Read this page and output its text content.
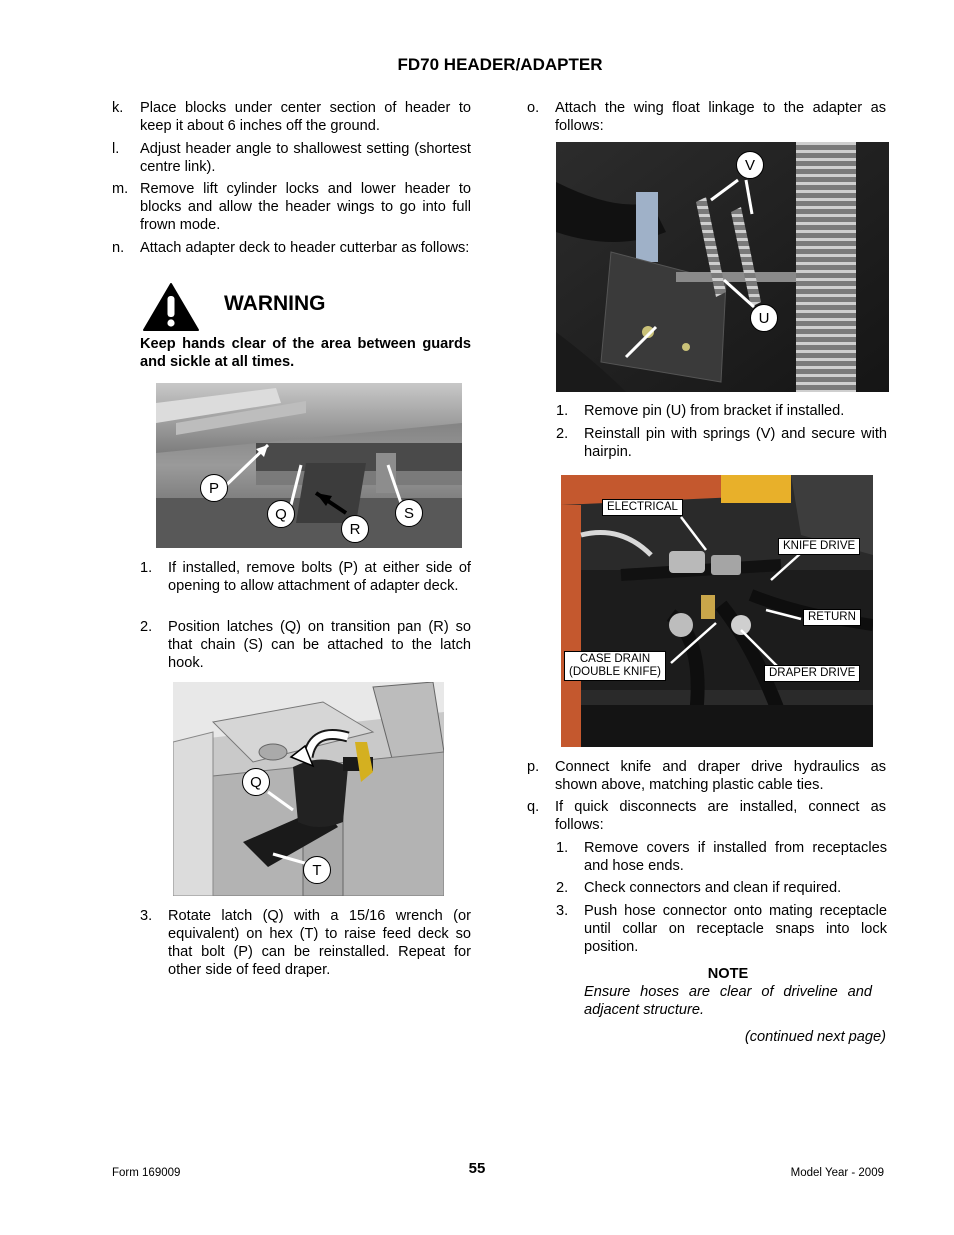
FD70 HEADER/ADAPTER
k. Place blocks under center section of header to keep it about 6 inches off the ground.
l. Adjust header angle to shallowest setting (shortest centre link).
m. Remove lift cylinder locks and lower header to blocks and allow the header wings to go into full frown mode.
n. Attach adapter deck to header cutterbar as follows:
WARNING
Keep hands clear of the area between guards and sickle at all times.
P
Q
R
S
1. If installed, remove bolts (P) at either side of opening to allow attachment of adapter deck.
2. Position latches (Q) on transition pan (R) so that chain (S) can be attached to the latch hook.
Q
T
3. Rotate latch (Q) with a 15/16 wrench (or equivalent) on hex (T) to raise feed deck so that bolt (P) can be reinstalled. Repeat for other side of feed draper.
o. Attach the wing float linkage to the adapter as follows:
V
U
1. Remove pin (U) from bracket if installed.
2. Reinstall pin with springs (V) and secure with hairpin.
ELECTRICAL
KNIFE DRIVE
RETURN
CASE DRAIN
(DOUBLE KNIFE)	DRAPER DRIVE
p. Connect knife and draper drive hydraulics as shown above, matching plastic cable ties.
q. If quick disconnects are installed, connect as follows:
1. Remove covers if installed from receptacles and hose ends.
2. Check connectors and clean if required.
3. Push hose connector onto mating receptacle until collar on receptacle snaps into lock position.
NOTE
Ensure hoses are clear of driveline and adjacent structure.
(continued next page)
Form 169009	55	Model Year - 2009
